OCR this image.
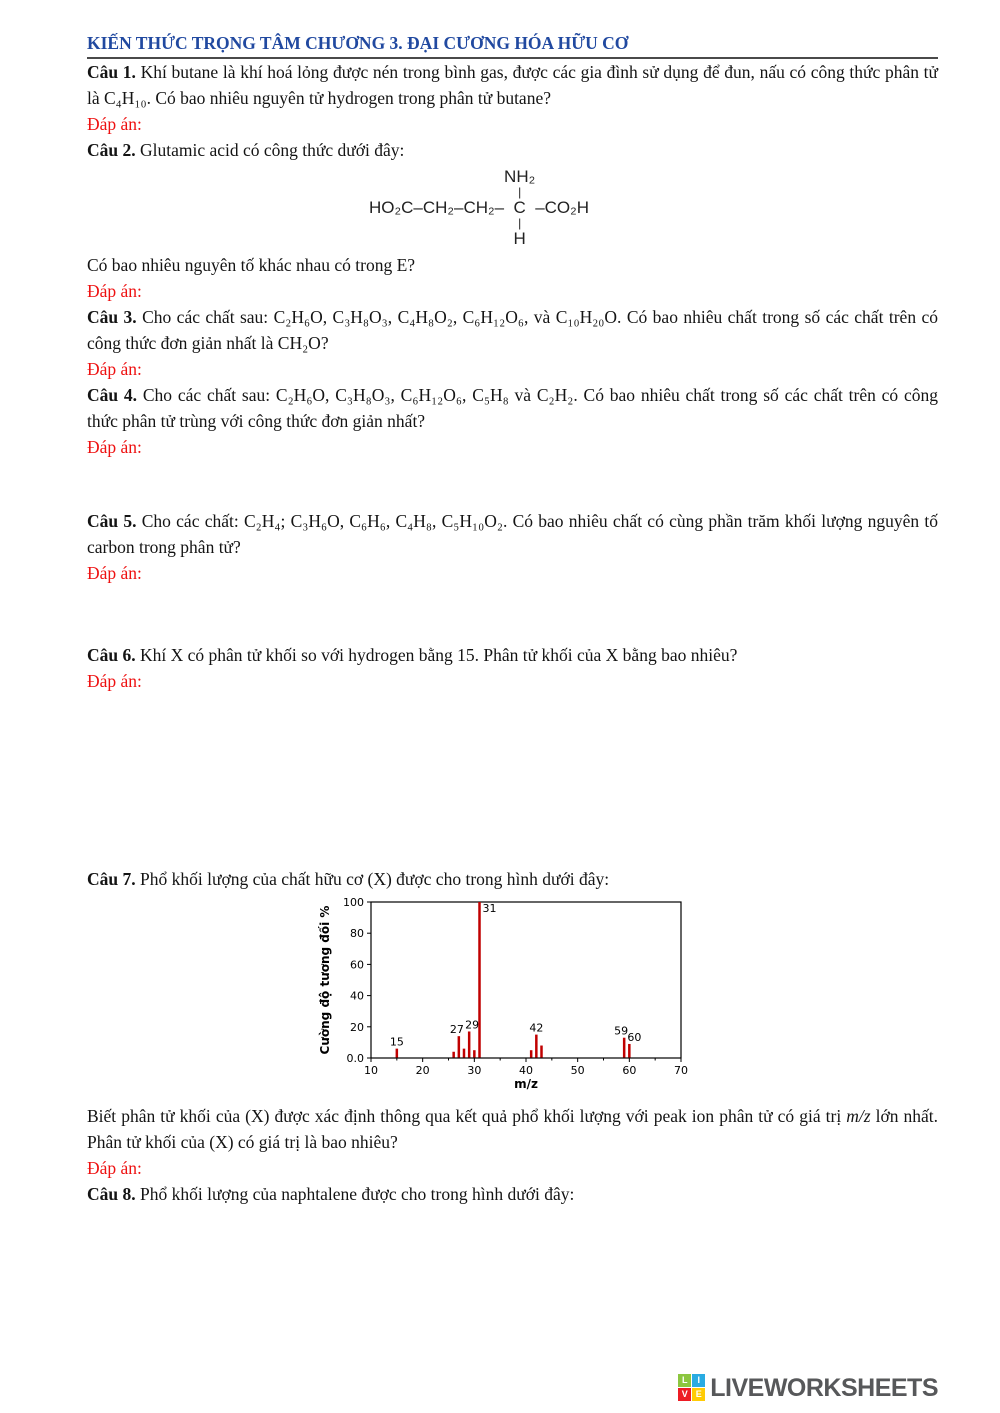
KIẾN THỨC TRỌNG TÂM CHƯƠNG 3. ĐẠI CƯƠNG HÓA HỮU CƠ

Câu 1. Khí butane là khí hoá lỏng được nén trong bình gas, được các gia đình sử dụng để đun, nấu có công thức phân tử là C₄H₁₀. Có bao nhiêu nguyên tử hydrogen trong phân tử butane?

Đáp án:

Câu 2. Glutamic acid có công thức dưới đây:

HO₂C–CH₂–CH₂–
NH₂
|
C
|
H
–CO₂H

Có bao nhiêu nguyên tố khác nhau có trong E?

Đáp án:

Câu 3. Cho các chất sau: C₂H₆O, C₃H₈O₃, C₄H₈O₂, C₆H₁₂O₆, và C₁₀H₂₀O. Có bao nhiêu chất trong số các chất trên có công thức đơn giản nhất là CH₂O?

Đáp án:

Câu 4. Cho các chất sau: C₂H₆O, C₃H₈O₃, C₆H₁₂O₆, C₅H₈ và C₂H₂. Có bao nhiêu chất trong số các chất trên có công thức phân tử trùng với công thức đơn giản nhất?

Đáp án:

Câu 5. Cho các chất: C₂H₄; C₃H₆O, C₆H₆, C₄H₈, C₅H₁₀O₂. Có bao nhiêu chất có cùng phần trăm khối lượng nguyên tố carbon trong phân tử?

Đáp án:

Câu 6. Khí X có phân tử khối so với hydrogen bằng 15. Phân tử khối của X bằng bao nhiêu?

Đáp án:

Câu 7. Phổ khối lượng của chất hữu cơ (X) được cho trong hình dưới đây:

0.0
20
40
60
80
100
10	20	30	40	50	60	70
15
27 29
31
42	59 60
m/z
Cường độ tương đối %

Biết phân tử khối của (X) được xác định thông qua kết quả phổ khối lượng với peak ion phân tử có giá trị m/z lớn nhất. Phân tử khối của (X) có giá trị là bao nhiêu?

Đáp án:

Câu 8. Phổ khối lượng của naphtalene được cho trong hình dưới đây:

L	I
V E LIVEWORKSHEETS
